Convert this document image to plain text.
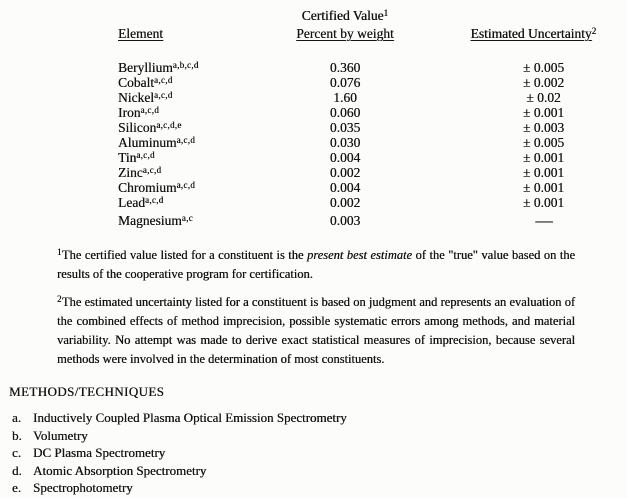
Certified Value$^1$
Element	Percent by weight	Estimated Uncertainty$^2$
Beryllium$^{a,b,c,d}$	0.360	± 0.005
Cobalt$^{a,c,d}$	0.076	± 0.002
Nickel$^{a,c,d}$	1.60	± 0.02
Iron$^{a,c,d}$	0.060	± 0.001
Silicon$^{a,c,d,e}$	0.035	± 0.003
Aluminum$^{a,c,d}$	0.030	± 0.005
Tin$^{a,c,d}$	0.004	± 0.001
Zinc$^{a,c,d}$	0.002	± 0.001
Chromium$^{a,c,d}$	0.004	± 0.001
Lead$^{a,c,d}$	0.002	± 0.001
Magnesium$^{a,c}$	0.003	-----
$^1$The certified value listed for a constituent is the present best estimate of the "true" value based on the results of the cooperative program for certification.
$^2$The estimated uncertainty listed for a constituent is based on judgment and represents an evaluation of the combined effects of method imprecision, possible systematic errors among methods, and material variability. No attempt was made to derive exact statistical measures of imprecision, because several methods were involved in the determination of most constituents.
METHODS/TECHNIQUES
a. Inductively Coupled Plasma Optical Emission Spectrometry
b. Volumetry
c. DC Plasma Spectrometry
d. Atomic Absorption Spectrometry
e. Spectrophotometry
